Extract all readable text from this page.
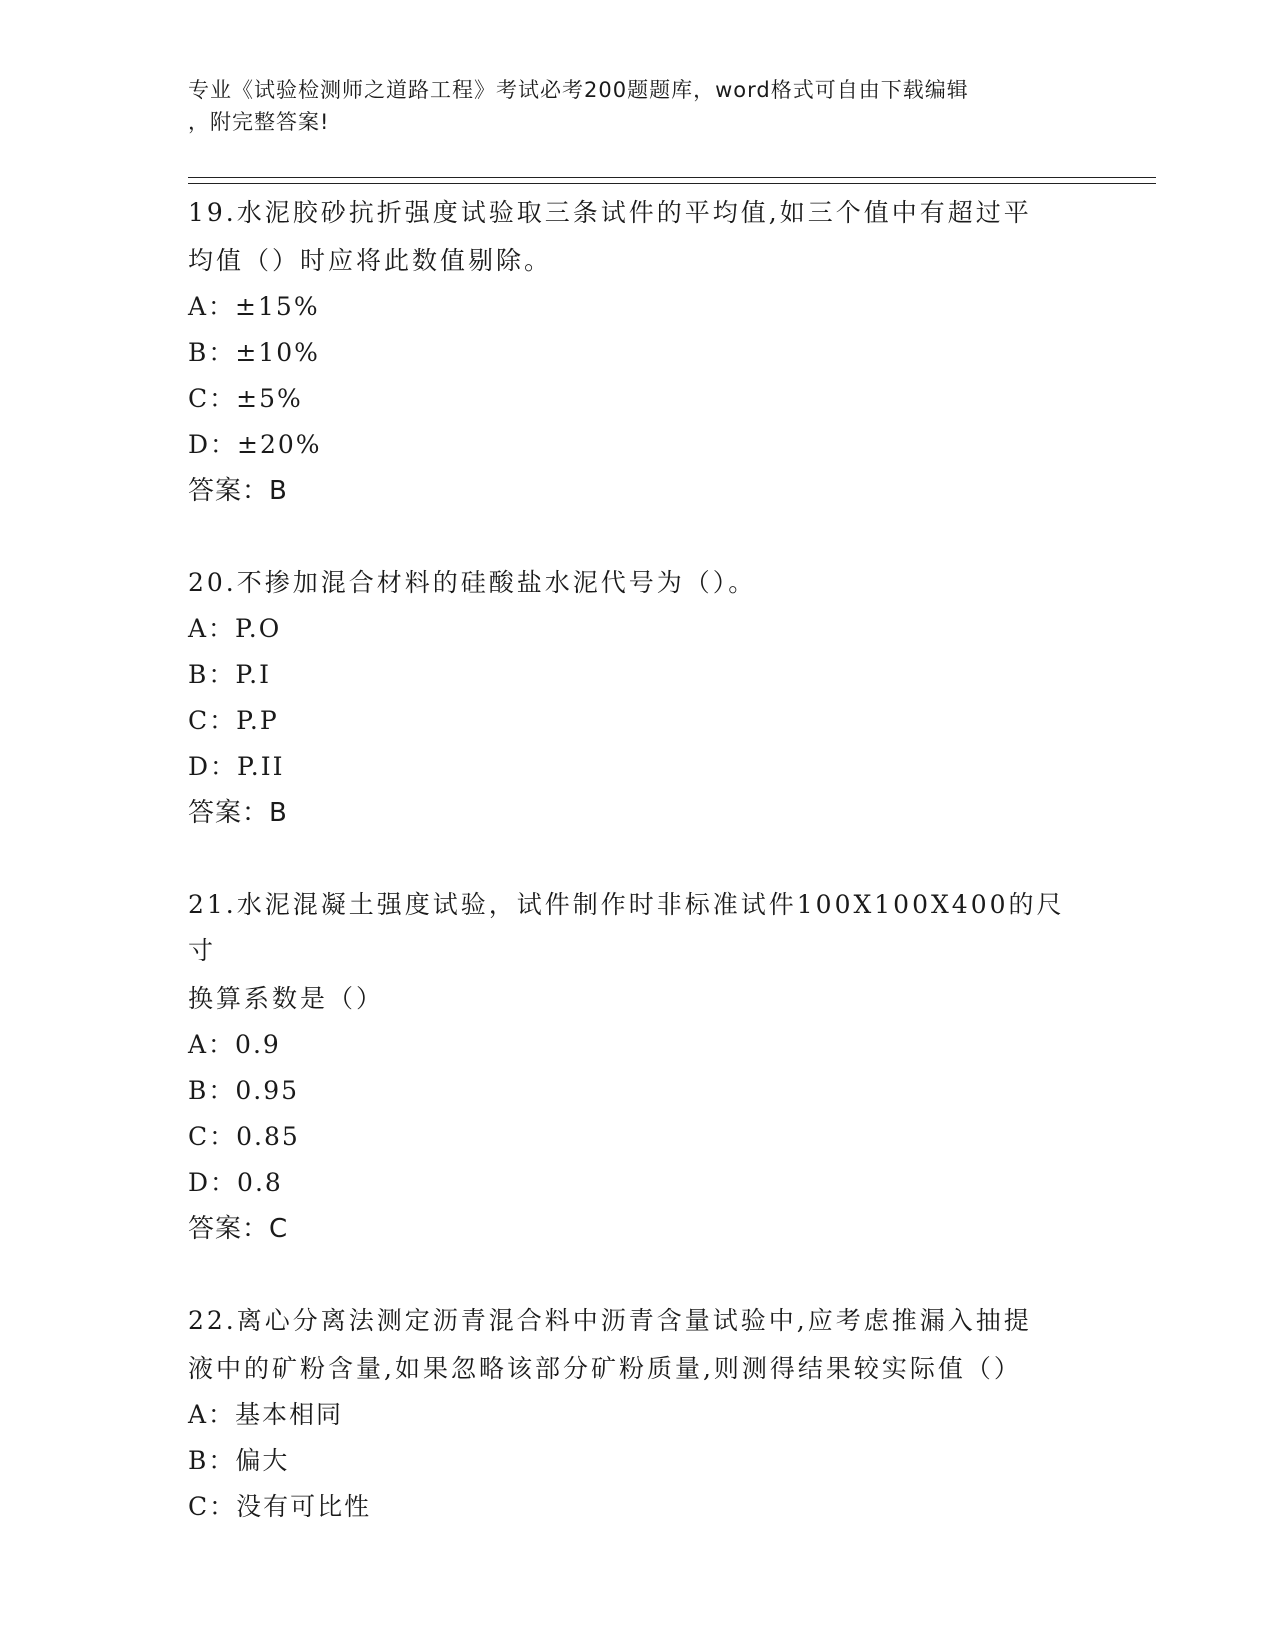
专业《试验检测师之道路工程》考试必考200题题库，word格式可自由下载编辑
，附完整答案!

19.水泥胶砂抗折强度试验取三条试件的平均值,如三个值中有超过平

均值（）时应将此数值剔除。

A：±15%

B：±10%

C：±5%

D：±20%

答案：B

20.不掺加混合材料的硅酸盐水泥代号为（）。

A：P.O

B：P.I

C：P.P

D：P.II

答案：B

21.水泥混凝土强度试验，试件制作时非标准试件100X100X400的尺寸

换算系数是（）

A：0.9

B：0.95

C：0.85

D：0.8

答案：C

22.离心分离法测定沥青混合料中沥青含量试验中,应考虑推漏入抽提

液中的矿粉含量,如果忽略该部分矿粉质量,则测得结果较实际值（）

A：基本相同

B：偏大

C：没有可比性
